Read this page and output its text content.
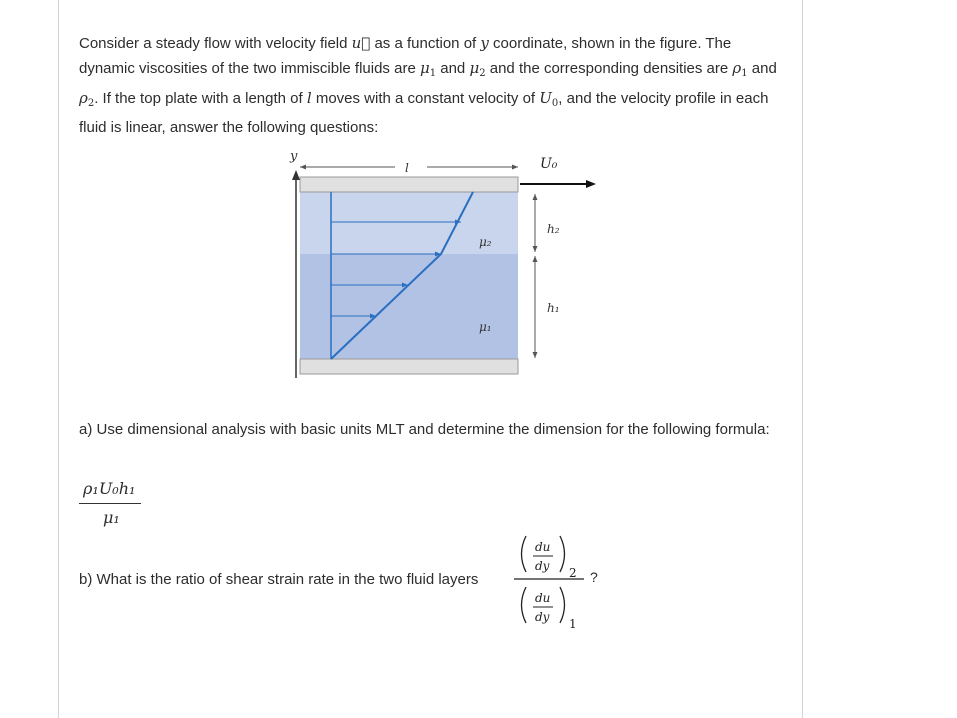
Consider a steady flow with velocity field u⃗ as a function of y coordinate, shown in the figure. The dynamic viscosities of the two immiscible fluids are $\mu_1$ and $\mu_2$ and the corresponding densities are $\rho_1$ and $\rho_2$. If the top plate with a length of l moves with a constant velocity of $U_0$, and the velocity profile in each fluid is linear, answer the following questions:

y
l	U₀
μ₂
μ₁
h₂
h₁

a) Use dimensional analysis with basic units MLT and determine the dimension for the following formula:

ρ₁U₀h₁
μ₁
b) What is the ratio of shear strain rate in the two fluid layers
du
dy 2
du
dy 1
?
